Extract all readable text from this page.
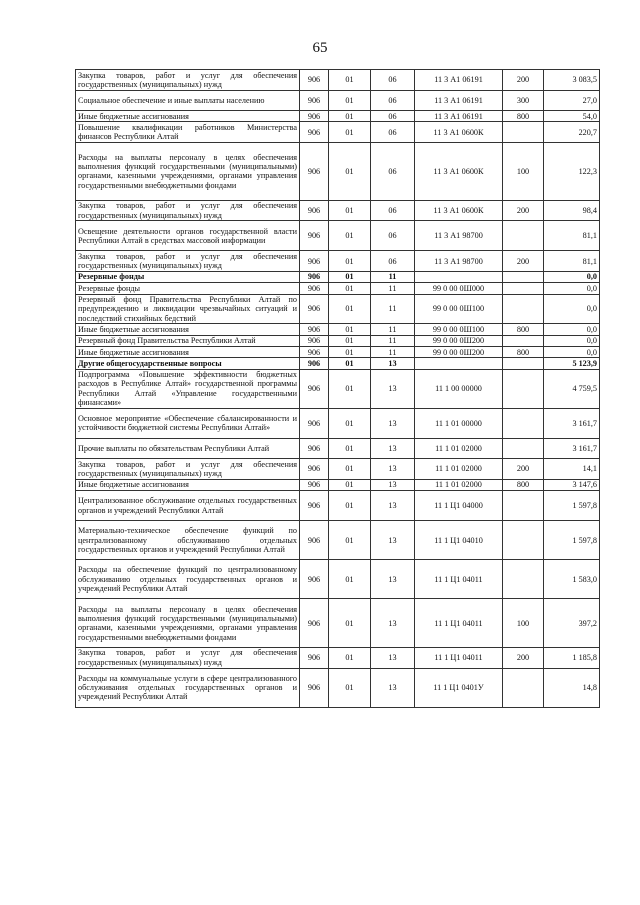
65
Закупка товаров, работ и услуг для обеспечения государственных (муниципальных) нужд	906	01	06	11 3 А1 06191	200	3 083,5
Социальное обеспечение и иные выплаты населению	906	01	06	11 3 А1 06191	300	27,0
Иные бюджетные ассигнования	906	01	06	11 3 А1 06191	800	54,0
Повышение квалификации работников Министерства финансов Республики Алтай	906	01	06	11 3 А1 0600К		220,7
Расходы на выплаты персоналу в целях обеспечения выполнения функций государственными (муниципальными) органами, казенными учреждениями, органами управления государственными внебюджетными фондами	906	01	06	11 3 А1 0600К	100	122,3
Закупка товаров, работ и услуг для обеспечения государственных (муниципальных) нужд	906	01	06	11 3 А1 0600К	200	98,4
Освещение деятельности органов государственной власти Республики Алтай в средствах массовой информации	906	01	06	11 3 А1 98700		81,1
Закупка товаров, работ и услуг для обеспечения государственных (муниципальных) нужд	906	01	06	11 3 А1 98700	200	81,1
Резервные фонды	906	01	11			0,0
Резервные фонды	906	01	11	99 0 00 0Ш000		0,0
Резервный фонд Правительства Республики Алтай по предупреждению и ликвидации чрезвычайных ситуаций и последствий стихийных бедствий	906	01	11	99 0 00 0Ш100		0,0
Иные бюджетные ассигнования	906	01	11	99 0 00 0Ш100	800	0,0
Резервный фонд Правительства Республики Алтай	906	01	11	99 0 00 0Ш200		0,0
Иные бюджетные ассигнования	906	01	11	99 0 00 0Ш200	800	0,0
Другие общегосударственные вопросы	906	01	13			5 123,9
Подпрограмма «Повышение эффективности бюджетных расходов в Республике Алтай» государственной программы Республики Алтай «Управление государственными финансами»	906	01	13	11 1 00 00000		4 759,5
Основное мероприятие «Обеспечение сбалансированности и устойчивости бюджетной системы Республики Алтай»	906	01	13	11 1 01 00000		3 161,7
Прочие выплаты по обязательствам Республики Алтай	906	01	13	11 1 01 02000		3 161,7
Закупка товаров, работ и услуг для обеспечения государственных (муниципальных) нужд	906	01	13	11 1 01 02000	200	14,1
Иные бюджетные ассигнования	906	01	13	11 1 01 02000	800	3 147,6
Централизованное обслуживание отдельных государственных органов и учреждений Республики Алтай	906	01	13	11 1 Ц1 04000		1 597,8
Материально-техническое обеспечение функций по централизованному обслуживанию отдельных государственных органов и учреждений Республики Алтай	906	01	13	11 1 Ц1 04010		1 597,8
Расходы на обеспечение функций по централизованному обслуживанию отдельных государственных органов и учреждений Республики Алтай	906	01	13	11 1 Ц1 04011		1 583,0
Расходы на выплаты персоналу в целях обеспечения выполнения функций государственными (муниципальными) органами, казенными учреждениями, органами управления государственными внебюджетными фондами	906	01	13	11 1 Ц1 04011	100	397,2
Закупка товаров, работ и услуг для обеспечения государственных (муниципальных) нужд	906	01	13	11 1 Ц1 04011	200	1 185,8
Расходы на коммунальные услуги в сфере централизованного обслуживания отдельных государственных органов и учреждений Республики Алтай	906	01	13	11 1 Ц1 0401У		14,8
